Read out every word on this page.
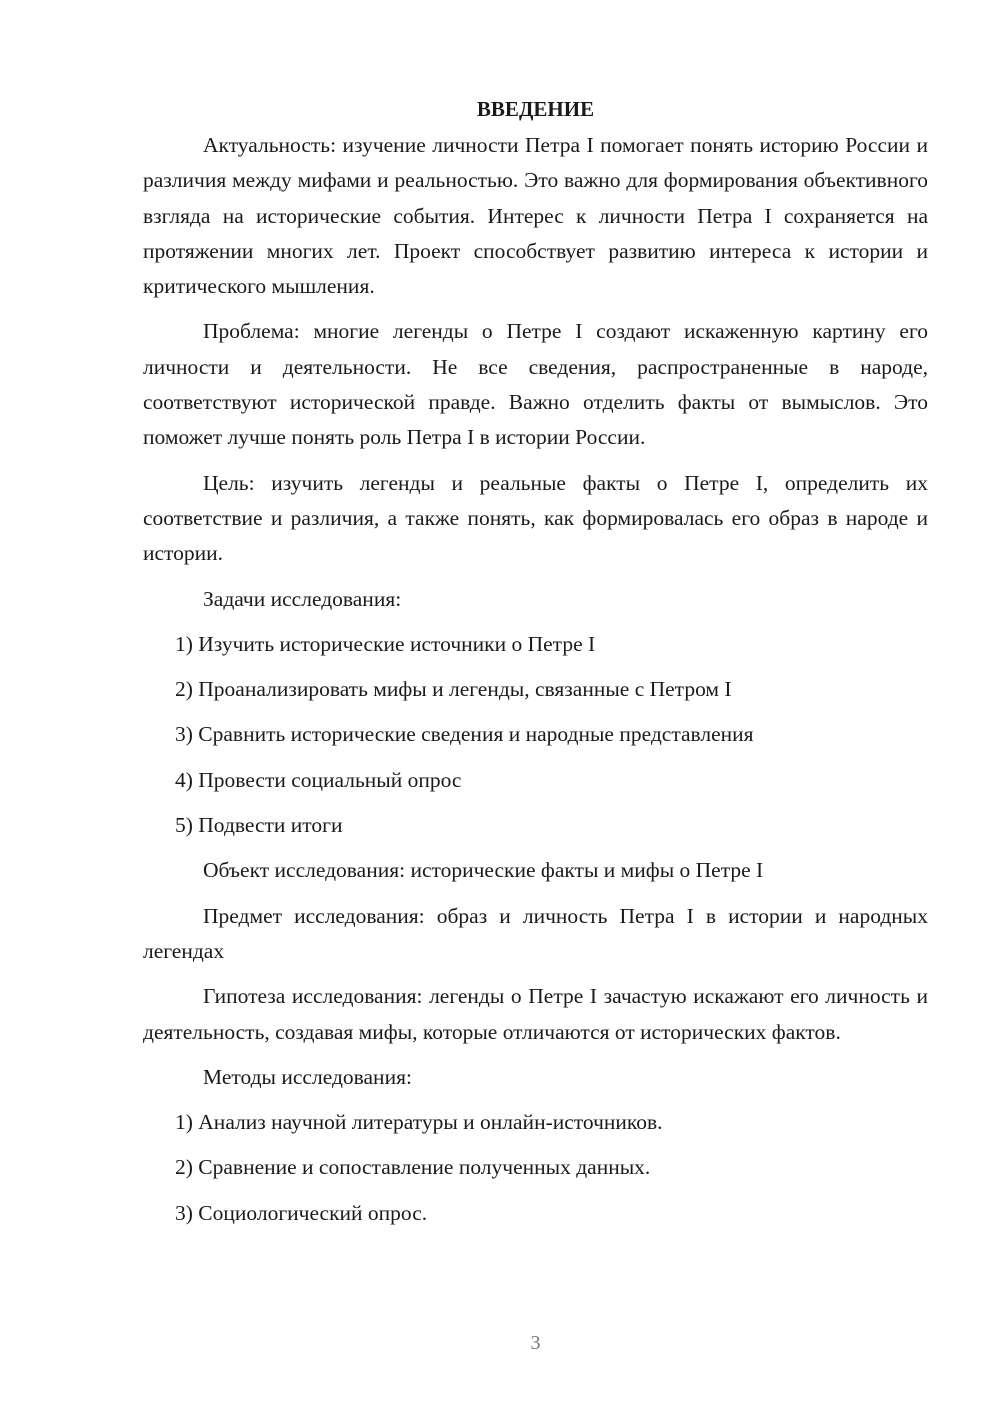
ВВЕДЕНИЕ

Актуальность: изучение личности Петра I помогает понять историю России и различия между мифами и реальностью. Это важно для формирования объективного взгляда на исторические события. Интерес к личности Петра I сохраняется на протяжении многих лет. Проект способствует развитию интереса к истории и критического мышления.

Проблема: многие легенды о Петре I создают искаженную картину его личности и деятельности. Не все сведения, распространенные в народе, соответствуют исторической правде. Важно отделить факты от вымыслов. Это поможет лучше понять роль Петра I в истории России.

Цель: изучить легенды и реальные факты о Петре I, определить их соответствие и различия, а также понять, как формировалась его образ в народе и истории.

Задачи исследования:

1) Изучить исторические источники о Петре I

2) Проанализировать мифы и легенды, связанные с Петром I

3) Сравнить исторические сведения и народные представления

4) Провести социальный опрос

5) Подвести итоги

Объект исследования: исторические факты и мифы о Петре I

Предмет исследования: образ и личность Петра I в истории и народных легендах

Гипотеза исследования: легенды о Петре I зачастую искажают его личность и деятельность, создавая мифы, которые отличаются от исторических фактов.

Методы исследования:

1) Анализ научной литературы и онлайн-источников.

2) Сравнение и сопоставление полученных данных.

3) Социологический опрос.

3
